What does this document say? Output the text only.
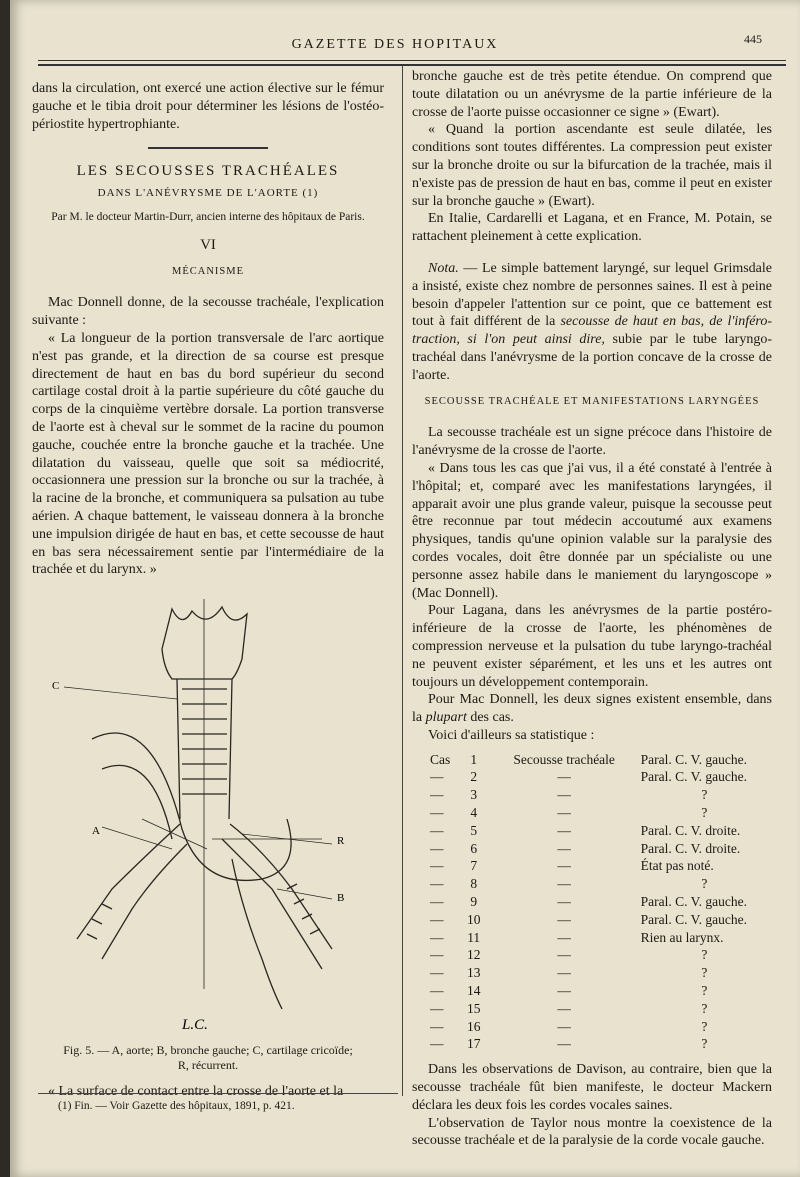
GAZETTE DES HOPITAUX	445

dans la circulation, ont exercé une action élective sur le fémur gauche et le tibia droit pour déterminer les lésions de l'ostéo-périostite hypertrophiante.

LES SECOUSSES TRACHÉALES
DANS L'ANÉVRYSME DE L'AORTE (1)
Par M. le docteur Martin-Durr, ancien interne des hôpitaux de Paris.
VI
MÉCANISME

Mac Donnell donne, de la secousse trachéale, l'explication suivante :

« La longueur de la portion transversale de l'arc aortique n'est pas grande, et la direction de sa course est presque directement de haut en bas du bord supérieur du second cartilage costal droit à la partie supérieure du côté gauche du corps de la cinquième vertèbre dorsale. La portion transverse de l'aorte est à cheval sur le sommet de la racine du poumon gauche, couchée entre la bronche gauche et la trachée. Une dilatation du vaisseau, quelle que soit sa médiocrité, occasionnera une pression sur la bronche ou sur la trachée, à la racine de la bronche, et communiquera sa pulsation au tube aérien. A chaque battement, le vaisseau donnera à la bronche une impulsion dirigée de haut en bas, et cette secousse de haut en bas sera nécessairement sentie par l'intermédiaire de la trachée et du larynx. »

C
A
R
B
L.C.
Fig. 5. — A, aorte; B, bronche gauche; C, cartilage cricoïde;
R, récurrent.

« La surface de contact entre la crosse de l'aorte et la

bronche gauche est de très petite étendue. On comprend que toute dilatation ou un anévrysme de la partie inférieure de la crosse de l'aorte puisse occasionner ce signe » (Ewart).

« Quand la portion ascendante est seule dilatée, les conditions sont toutes différentes. La compression peut exister sur la bronche droite ou sur la bifurcation de la trachée, mais il n'existe pas de pression de haut en bas, comme il peut en exister sur la bronche gauche » (Ewart).

En Italie, Cardarelli et Lagana, et en France, M. Potain, se rattachent pleinement à cette explication.

Nota. — Le simple battement laryngé, sur lequel Grimsdale a insisté, existe chez nombre de personnes saines. Il est à peine besoin d'appeler l'attention sur ce point, que ce battement est tout à fait différent de la secousse de haut en bas, de l'inféro-traction, si l'on peut ainsi dire, subie par le tube laryngo-trachéal dans l'anévrysme de la portion concave de la crosse de l'aorte.

SECOUSSE TRACHÉALE ET MANIFESTATIONS LARYNGÉES

La secousse trachéale est un signe précoce dans l'histoire de l'anévrysme de la crosse de l'aorte.

« Dans tous les cas que j'ai vus, il a été constaté à l'entrée à l'hôpital; et, comparé avec les manifestations laryngées, il apparait avoir une plus grande valeur, puisque la secousse peut être reconnue par tout médecin accoutumé aux examens physiques, tandis qu'une opinion valable sur la paralysie des cordes vocales, doit être donnée par un spécialiste ou une personne assez habile dans le maniement du laryngoscope » (Mac Donnell).

Pour Lagana, dans les anévrysmes de la partie postéro-inférieure de la crosse de l'aorte, les phénomènes de compression nerveuse et la pulsation du tube laryngo-trachéal ne peuvent exister séparément, et les uns et les autres ont toujours un développement contemporain.

Pour Mac Donnell, les deux signes existent ensemble, dans la plupart des cas.

Voici d'ailleurs sa statistique :

Cas	1	Secousse trachéale	Paral. C. V. gauche.
—	2	—	Paral. C. V. gauche.
—	3	—	?
—	4	—	?
—	5	—	Paral. C. V. droite.
—	6	—	Paral. C. V. droite.
—	7	—	État pas noté.
—	8	—	?
—	9	—	Paral. C. V. gauche.
—	10	—	Paral. C. V. gauche.
—	11	—	Rien au larynx.
—	12	—	?
—	13	—	?
—	14	—	?
—	15	—	?
—	16	—	?
—	17	—	?

Dans les observations de Davison, au contraire, bien que la secousse trachéale fût bien manifeste, le docteur Mackern déclara les deux fois les cordes vocales saines.

L'observation de Taylor nous montre la coexistence de la secousse trachéale et de la paralysie de la corde vocale gauche.

(1) Fin. — Voir Gazette des hôpitaux, 1891, p. 421.
